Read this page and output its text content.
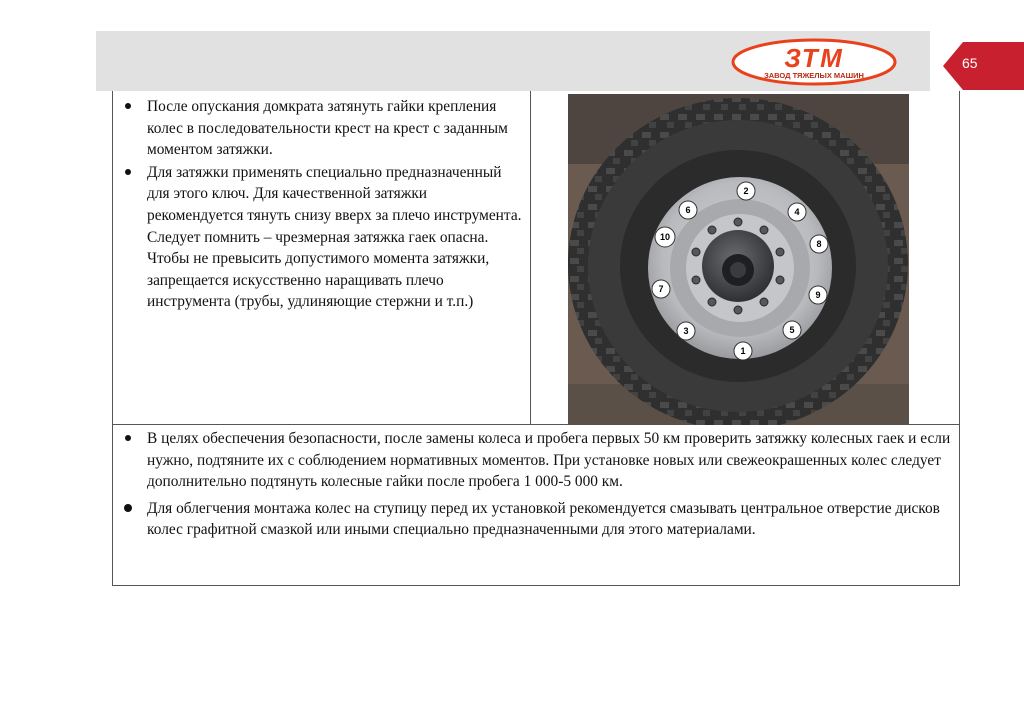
ЗТМ
ЗАВОД ТЯЖЕЛЫХ МАШИН
65

После опускания домкрата затянуть гайки крепления колес в последовательности крест на крест с заданным моментом затяжки.

Для затяжки применять специально предназначенный для этого ключ. Для качественной затяжки рекомендуется тянуть снизу вверх за плечо инструмента. Следует помнить – чрезмерная затяжка гаек опасна. Чтобы не превысить допустимого момента затяжки, запрещается искусственно наращивать плечо инструмента (трубы, удлиняющие стержни и т.п.)

В целях обеспечения безопасности, после замены колеса и пробега первых 50 км проверить затяжку колесных гаек и если нужно, подтяните их с соблюдением нормативных моментов. При установке новых или свежеокрашенных колес следует дополнительно подтянуть колесные гайки после пробега 1 000-5 000 км.

Для облегчения монтажа колес на ступицу перед их установкой рекомендуется смазывать центральное отверстие дисков колес графитной смазкой или иными специально предназначенными для этого материалами.

1
2
3
4
5
6
7
8
9
10
